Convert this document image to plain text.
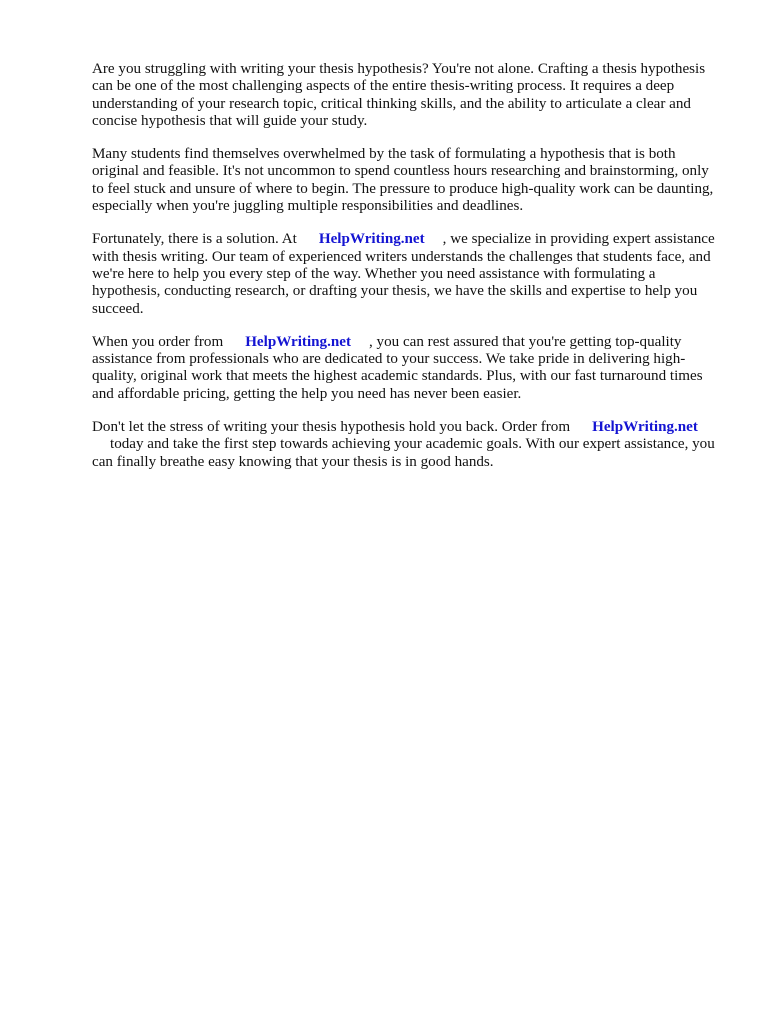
Are you struggling with writing your thesis hypothesis? You're not alone. Crafting a thesis hypothesis can be one of the most challenging aspects of the entire thesis-writing process. It requires a deep understanding of your research topic, critical thinking skills, and the ability to articulate a clear and concise hypothesis that will guide your study.

Many students find themselves overwhelmed by the task of formulating a hypothesis that is both original and feasible. It's not uncommon to spend countless hours researching and brainstorming, only to feel stuck and unsure of where to begin. The pressure to produce high-quality work can be daunting, especially when you're juggling multiple responsibilities and deadlines.

Fortunately, there is a solution. At HelpWriting.net , we specialize in providing expert assistance with thesis writing. Our team of experienced writers understands the challenges that students face, and we're here to help you every step of the way. Whether you need assistance with formulating a hypothesis, conducting research, or drafting your thesis, we have the skills and expertise to help you succeed.

When you order from HelpWriting.net , you can rest assured that you're getting top-quality assistance from professionals who are dedicated to your success. We take pride in delivering high-quality, original work that meets the highest academic standards. Plus, with our fast turnaround times and affordable pricing, getting the help you need has never been easier.

Don't let the stress of writing your thesis hypothesis hold you back. Order from HelpWriting.net
today and take the first step towards achieving your academic goals. With our expert assistance, you can finally breathe easy knowing that your thesis is in good hands.
